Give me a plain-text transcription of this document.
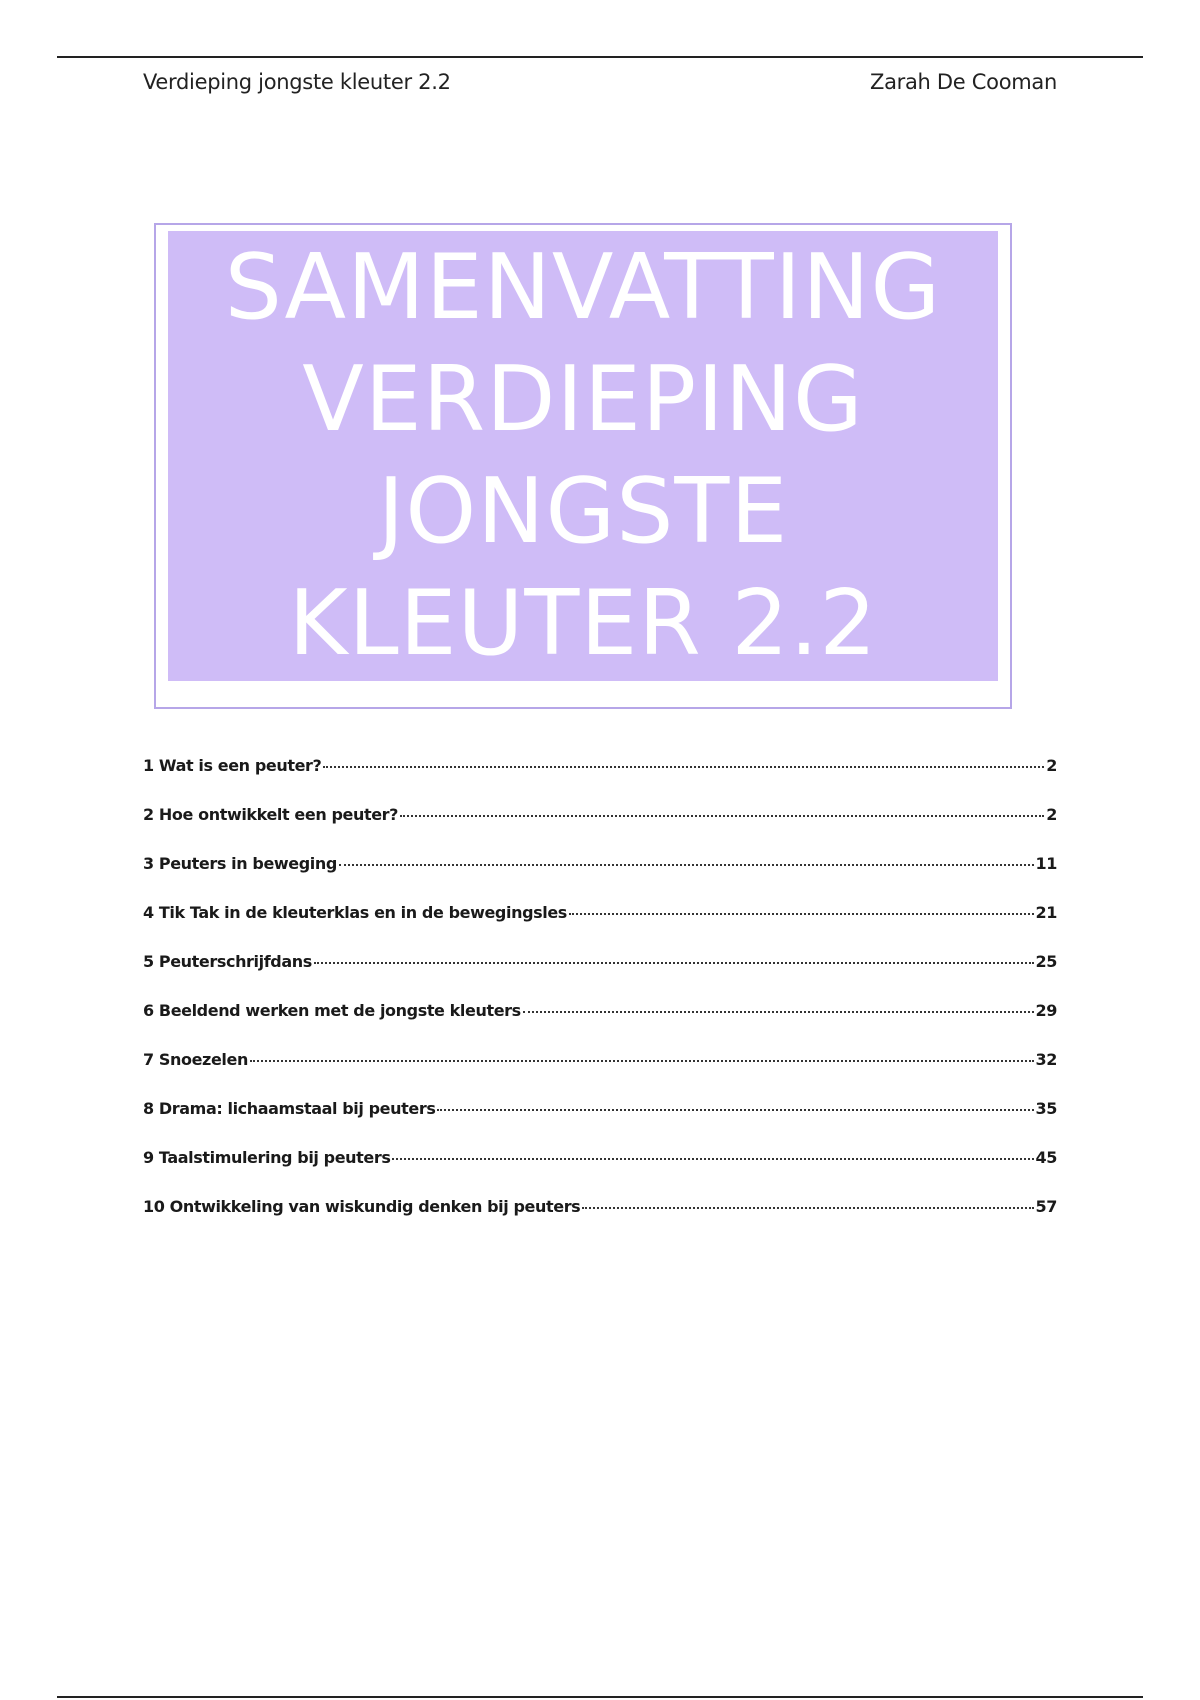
Verdieping jongste kleuter 2.2	Zarah De Cooman
SAMENVATTING
VERDIEPING
JONGSTE
KLEUTER 2.2
1 Wat is een peuter?	2
2 Hoe ontwikkelt een peuter?	2
3 Peuters in beweging	11
4 Tik Tak in de kleuterklas en in de bewegingsles	21
5 Peuterschrijfdans	25
6 Beeldend werken met de jongste kleuters	29
7 Snoezelen	32
8 Drama: lichaamstaal bij peuters	35
9 Taalstimulering bij peuters	45
10 Ontwikkeling van wiskundig denken bij peuters	57
